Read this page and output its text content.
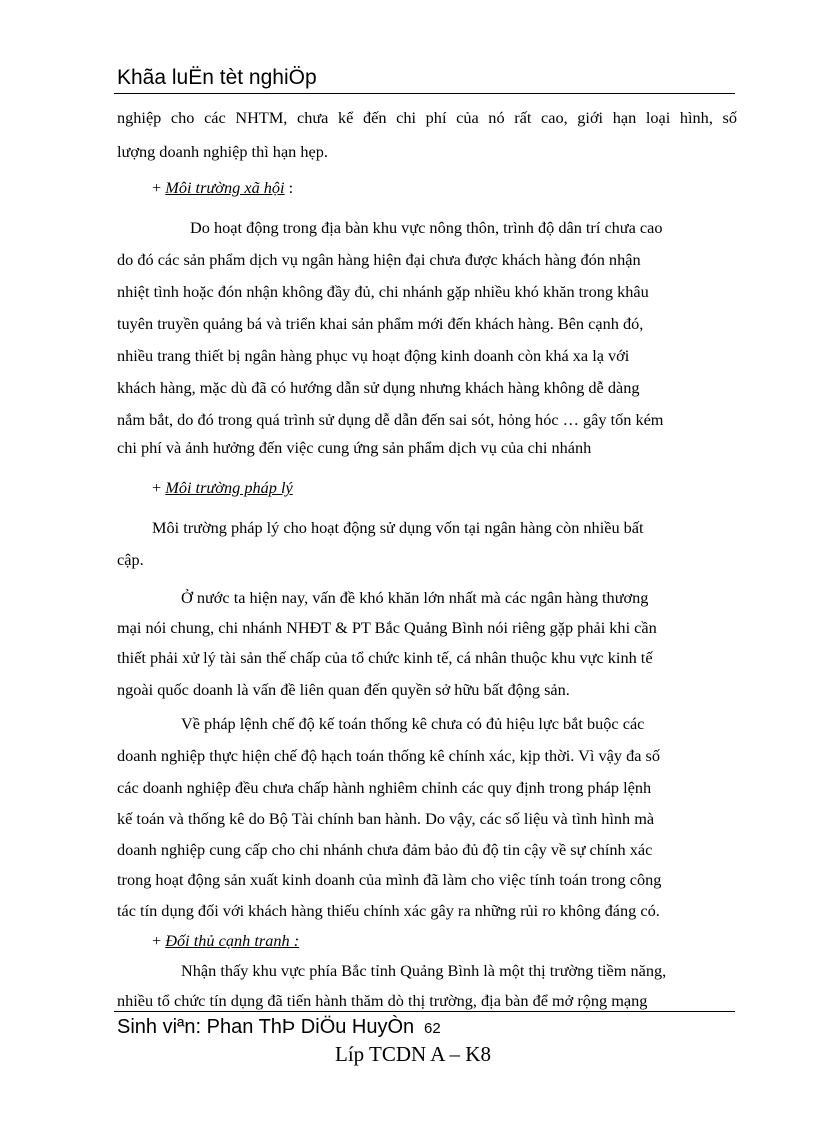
Khãa luËn tèt nghiÖp
nghiệp cho các NHTM, chưa kể đến chi phí của nó rất cao, giới hạn loại hình, số
lượng doanh nghiệp thì hạn hẹp.
+ Môi trường xã hội :
Do hoạt động trong địa bàn khu vực nông thôn, trình độ dân trí chưa cao
do đó các sản phẩm dịch vụ ngân hàng hiện đại chưa được khách hàng đón nhận
nhiệt tình hoặc đón nhận không đầy đủ, chi nhánh gặp nhiều khó khăn trong khâu
tuyên truyền quảng bá và triển khai sản phẩm mới đến khách hàng. Bên cạnh đó,
nhiều trang thiết bị ngân hàng phục vụ hoạt động kinh doanh còn khá xa lạ với
khách hàng, mặc dù đã có hướng dẫn sử dụng nhưng khách hàng không dễ dàng
nắm bắt, do đó trong quá trình sử dụng dễ dẫn đến sai sót, hỏng hóc … gây tốn kém
chi phí và ảnh hưởng đến việc cung ứng sản phẩm dịch vụ của chi nhánh
+ Môi trường pháp lý
Môi trường pháp lý cho hoạt động sử dụng vốn tại ngân hàng còn nhiều bất
cập.
Ở nước ta hiện nay, vấn đề khó khăn lớn nhất mà các ngân hàng thương
mại nói chung, chi nhánh NHĐT & PT Bắc Quảng Bình nói riêng gặp phải khi cần
thiết phải xử lý tài sản thế chấp của tổ chức kinh tế, cá nhân thuộc khu vực kinh tế
ngoài quốc doanh là vấn đề liên quan đến quyền sở hữu bất động sản.
Về pháp lệnh chế độ kế toán thống kê chưa có đủ hiệu lực bắt buộc các
doanh nghiệp thực hiện chế độ hạch toán thống kê chính xác, kịp thời. Vì vậy đa số
các doanh nghiệp đều chưa chấp hành nghiêm chỉnh các quy định trong pháp lệnh
kế toán và thống kê do Bộ Tài chính ban hành. Do vậy, các số liệu và tình hình mà
doanh nghiệp cung cấp cho chi nhánh chưa đảm bảo đủ độ tin cậy về sự chính xác
trong hoạt động sản xuất kinh doanh của mình đã làm cho việc tính toán trong công
tác tín dụng đối với khách hàng thiếu chính xác gây ra những rủi ro không đáng có.
+ Đối thủ cạnh tranh :
Nhận thấy khu vực phía Bắc tỉnh Quảng Bình là một thị trường tiềm năng,
nhiều tổ chức tín dụng đã tiến hành thăm dò thị trường, địa bàn để mở rộng mạng
Sinh viªn: Phan ThÞ DiÖu HuyÒn 62
Líp TCDN A – K8
